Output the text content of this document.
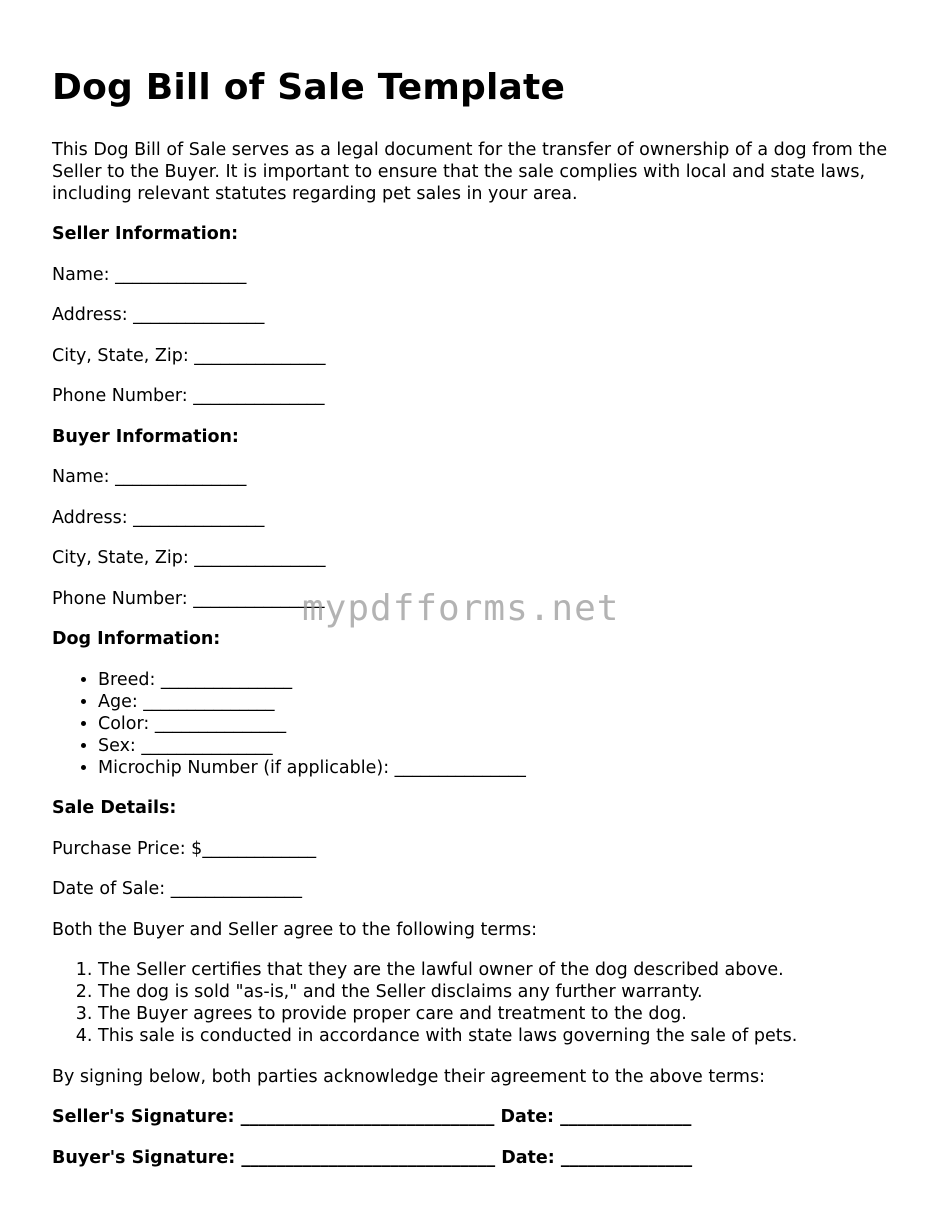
Dog Bill of Sale Template

This Dog Bill of Sale serves as a legal document for the transfer of ownership of a dog from the Seller to the Buyer. It is important to ensure that the sale complies with local and state laws, including relevant statutes regarding pet sales in your area.

Seller Information:

Name: _______________

Address: _______________

City, State, Zip: _______________

Phone Number: _______________

Buyer Information:

Name: _______________

Address: _______________

City, State, Zip: _______________

Phone Number: _______________

Dog Information:

• Breed: _______________
• Age: _______________
• Color: _______________
• Sex: _______________
• Microchip Number (if applicable): _______________

Sale Details:

Purchase Price: $_____________

Date of Sale: _______________

Both the Buyer and Seller agree to the following terms:

1. The Seller certifies that they are the lawful owner of the dog described above.
2. The dog is sold "as-is," and the Seller disclaims any further warranty.
3. The Buyer agrees to provide proper care and treatment to the dog.
4. This sale is conducted in accordance with state laws governing the sale of pets.

By signing below, both parties acknowledge their agreement to the above terms:

Seller's Signature: _____________________________ Date: _______________

Buyer's Signature: _____________________________ Date: _______________

mypdfforms.net
